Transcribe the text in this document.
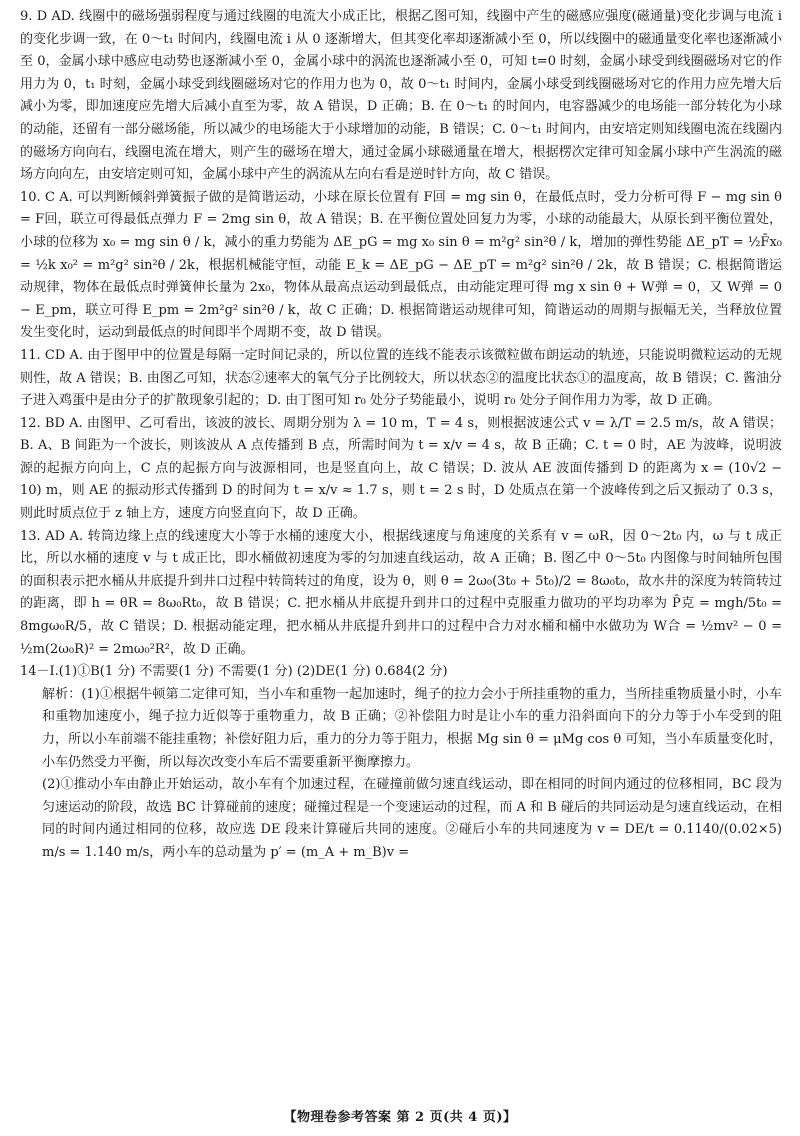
9. D AD. 线圈中的磁场强弱程度与通过线圈的电流大小成正比，根据乙图可知，线圈中产生的磁感应强度(磁通量)变化步调与电流 i 的变化步调一致，在 0～t₁ 时间内，线圈电流 i 从 0 逐渐增大，但其变化率却逐渐减小至 0，所以线圈中的磁通量变化率也逐渐减小至 0，金属小球中感应电动势也逐渐减小至 0，金属小球中的涡流也逐渐减小至 0，可知 t=0 时刻，金属小球受到线圈磁场对它的作用力为 0，t₁ 时刻，金属小球受到线圈磁场对它的作用力也为 0，故 0～t₁ 时间内，金属小球受到线圈磁场对它的作用力应先增大后减小为零，即加速度应先增大后减小直至为零，故 A 错误，D 正确；B. 在 0～t₁ 的时间内，电容器减少的电场能一部分转化为小球的动能，还留有一部分磁场能，所以减少的电场能大于小球增加的动能，B 错误；C. 0～t₁ 时间内，由安培定则知线圈电流在线圈内的磁场方向向右，线圈电流在增大，则产生的磁场在增大，通过金属小球磁通量在增大，根据楞次定律可知金属小球中产生涡流的磁场方向向左，由安培定则可知，金属小球中产生的涡流从左向右看是逆时针方向，故 C 错误。

10. C A. 可以判断倾斜弹簧振子做的是简谐运动，小球在原长位置有 F回 = mg sin θ，在最低点时，受力分析可得 F − mg sin θ = F回，联立可得最低点弹力 F = 2mg sin θ，故 A 错误；B. 在平衡位置处回复力为零，小球的动能最大，从原长到平衡位置处，小球的位移为 x₀ = mg sin θ / k，减小的重力势能为 ΔE_pG = mg x₀ sin θ = m²g² sin²θ / k，增加的弹性势能 ΔE_pT = ½F̄x₀ = ½k x₀² = m²g² sin²θ / 2k，根据机械能守恒，动能 E_k = ΔE_pG − ΔE_pT = m²g² sin²θ / 2k，故 B 错误；C. 根据简谐运动规律，物体在最低点时弹簧伸长量为 2x₀，物体从最高点运动到最低点，由动能定理可得 mg x sin θ + W弹 = 0，又 W弹 = 0 − E_pm，联立可得 E_pm = 2m²g² sin²θ / k，故 C 正确；D. 根据简谐运动规律可知，简谐运动的周期与振幅无关，当释放位置发生变化时，运动到最低点的时间即半个周期不变，故 D 错误。

11. CD A. 由于图甲中的位置是每隔一定时间记录的，所以位置的连线不能表示该微粒做布朗运动的轨迹，只能说明微粒运动的无规则性，故 A 错误；B. 由图乙可知，状态②速率大的氧气分子比例较大，所以状态②的温度比状态①的温度高，故 B 错误；C. 酱油分子进入鸡蛋中是由分子的扩散现象引起的；D. 由丁图可知 r₀ 处分子势能最小，说明 r₀ 处分子间作用力为零，故 D 正确。

12. BD A. 由图甲、乙可看出，该波的波长、周期分别为 λ = 10 m，T = 4 s，则根据波速公式 v = λ/T = 2.5 m/s，故 A 错误；B. A、B 间距为一个波长，则该波从 A 点传播到 B 点，所需时间为 t = x/v = 4 s，故 B 正确；C. t = 0 时，AE 为波峰，说明波源的起振方向向上，C 点的起振方向与波源相同，也是竖直向上，故 C 错误；D. 波从 AE 波面传播到 D 的距离为 x = (10√2 − 10) m，则 AE 的振动形式传播到 D 的时间为 t = x/v ≈ 1.7 s，则 t = 2 s 时，D 处质点在第一个波峰传到之后又振动了 0.3 s，则此时质点位于 z 轴上方，速度方向竖直向下，故 D 正确。

13. AD A. 转筒边缘上点的线速度大小等于水桶的速度大小，根据线速度与角速度的关系有 v = ωR，因 0～2t₀ 内，ω 与 t 成正比，所以水桶的速度 v 与 t 成正比，即水桶做初速度为零的匀加速直线运动，故 A 正确；B. 图乙中 0～5t₀ 内图像与时间轴所包围的面积表示把水桶从井底提升到井口过程中转筒转过的角度，设为 θ，则 θ = 2ω₀(3t₀ + 5t₀)/2 = 8ω₀t₀，故水井的深度为转筒转过的距离，即 h = θR = 8ω₀Rt₀，故 B 错误；C. 把水桶从井底提升到井口的过程中克服重力做功的平均功率为 P̄克 = mgh/5t₀ = 8mgω₀R/5，故 C 错误；D. 根据动能定理，把水桶从井底提升到井口的过程中合力对水桶和桶中水做功为 W合 = ½mv² − 0 = ½m(2ω₀R)² = 2mω₀²R²，故 D 正确。

14－Ⅰ.(1)①B(1 分) 不需要(1 分) 不需要(1 分) (2)DE(1 分) 0.684(2 分)

解析：(1)①根据牛顿第二定律可知，当小车和重物一起加速时，绳子的拉力会小于所挂重物的重力，当所挂重物质量小时，小车和重物加速度小，绳子拉力近似等于重物重力，故 B 正确；②补偿阻力时是让小车的重力沿斜面向下的分力等于小车受到的阻力，所以小车前端不能挂重物；补偿好阻力后，重力的分力等于阻力，根据 Mg sin θ = μMg cos θ 可知，当小车质量变化时，小车仍然受力平衡，所以每次改变小车后不需要重新平衡摩擦力。

(2)①推动小车由静止开始运动，故小车有个加速过程，在碰撞前做匀速直线运动，即在相同的时间内通过的位移相同，BC 段为匀速运动的阶段，故选 BC 计算碰前的速度；碰撞过程是一个变速运动的过程，而 A 和 B 碰后的共同运动是匀速直线运动，在相同的时间内通过相同的位移，故应选 DE 段来计算碰后共同的速度。②碰后小车的共同速度为 v = DE/t = 0.1140/(0.02×5) m/s = 1.140 m/s，两小车的总动量为 p′ = (m_A + m_B)v =

【物理卷参考答案 第 2 页(共 4 页)】
